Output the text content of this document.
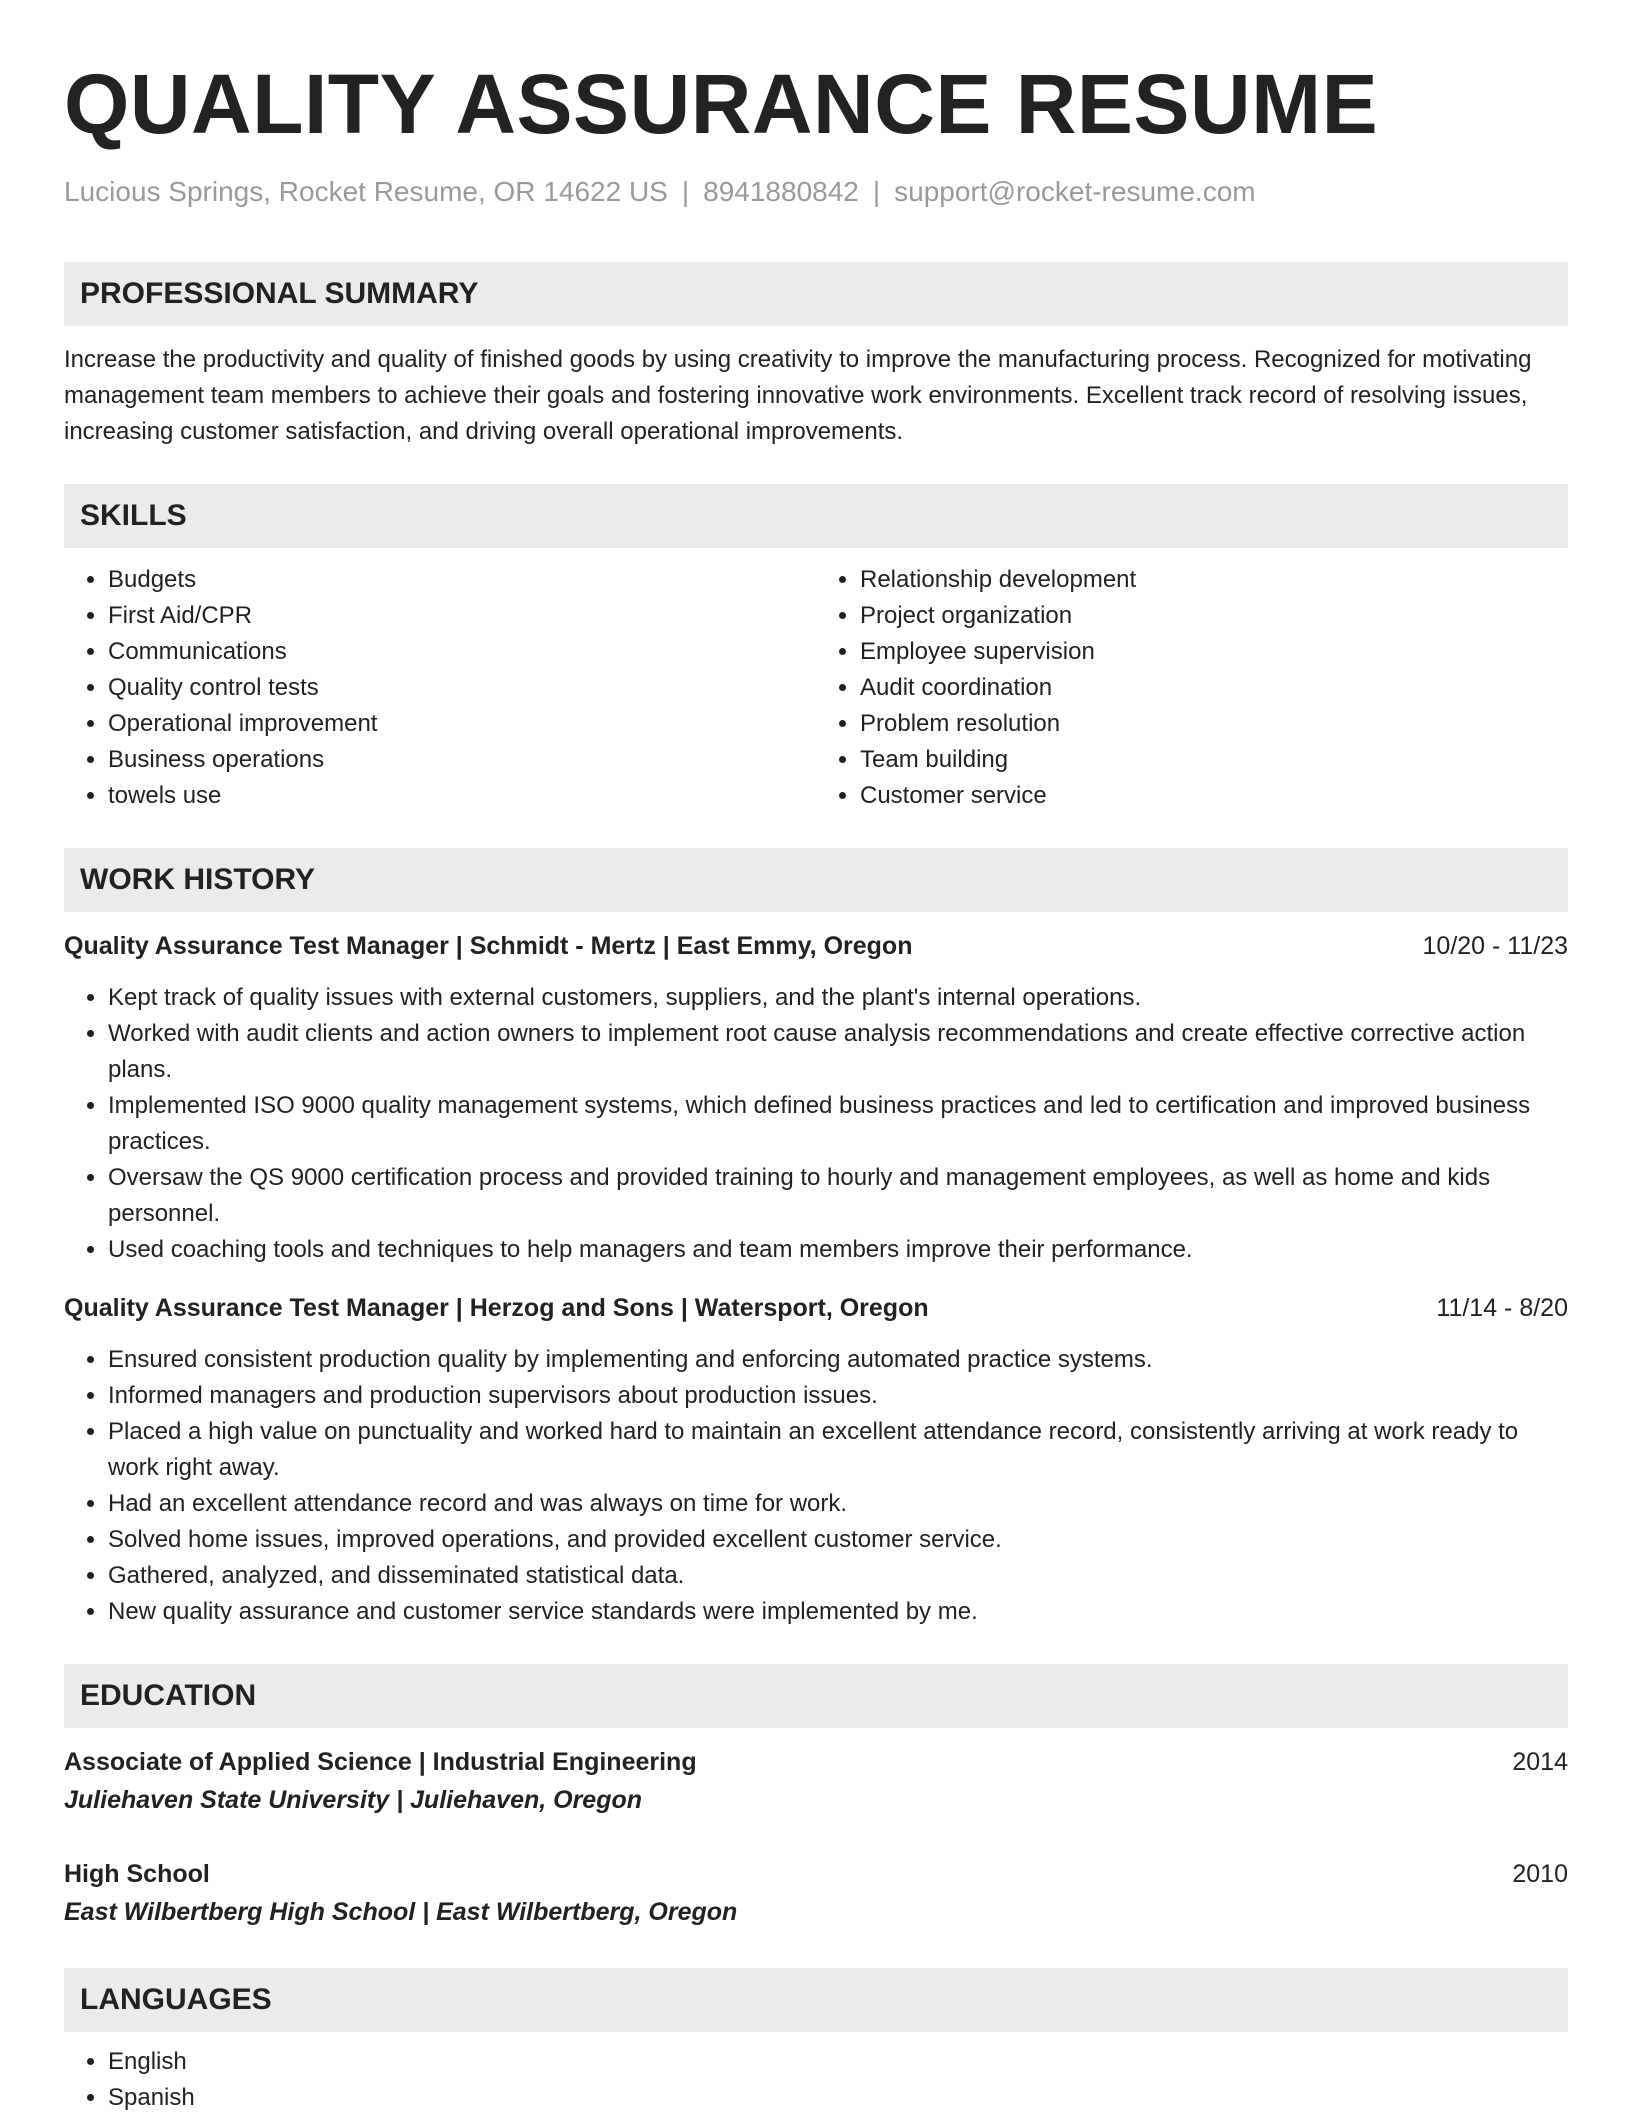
QUALITY ASSURANCE RESUME
Lucious Springs, Rocket Resume, OR 14622 US | 8941880842 | support@rocket-resume.com
PROFESSIONAL SUMMARY

Increase the productivity and quality of finished goods by using creativity to improve the manufacturing process. Recognized for motivating management team members to achieve their goals and fostering innovative work environments. Excellent track record of resolving issues, increasing customer satisfaction, and driving overall operational improvements.

SKILLS
• Budgets
• First Aid/CPR
• Communications
• Quality control tests
• Operational improvement
• Business operations
• towels use
• Relationship development
• Project organization
• Employee supervision
• Audit coordination
• Problem resolution
• Team building
• Customer service
WORK HISTORY
Quality Assurance Test Manager | Schmidt - Mertz | East Emmy, Oregon	10/20 - 11/23
• Kept track of quality issues with external customers, suppliers, and the plant's internal operations.
• Worked with audit clients and action owners to implement root cause analysis recommendations and create effective corrective action plans.
• Implemented ISO 9000 quality management systems, which defined business practices and led to certification and improved business practices.
• Oversaw the QS 9000 certification process and provided training to hourly and management employees, as well as home and kids personnel.
• Used coaching tools and techniques to help managers and team members improve their performance.
Quality Assurance Test Manager | Herzog and Sons | Watersport, Oregon	11/14 - 8/20
• Ensured consistent production quality by implementing and enforcing automated practice systems.
• Informed managers and production supervisors about production issues.
• Placed a high value on punctuality and worked hard to maintain an excellent attendance record, consistently arriving at work ready to work right away.
• Had an excellent attendance record and was always on time for work.
• Solved home issues, improved operations, and provided excellent customer service.
• Gathered, analyzed, and disseminated statistical data.
• New quality assurance and customer service standards were implemented by me.
EDUCATION
Associate of Applied Science | Industrial Engineering	2014
Juliehaven State University | Juliehaven, Oregon
High School	2010
East Wilbertberg High School | East Wilbertberg, Oregon
LANGUAGES
• English
• Spanish
